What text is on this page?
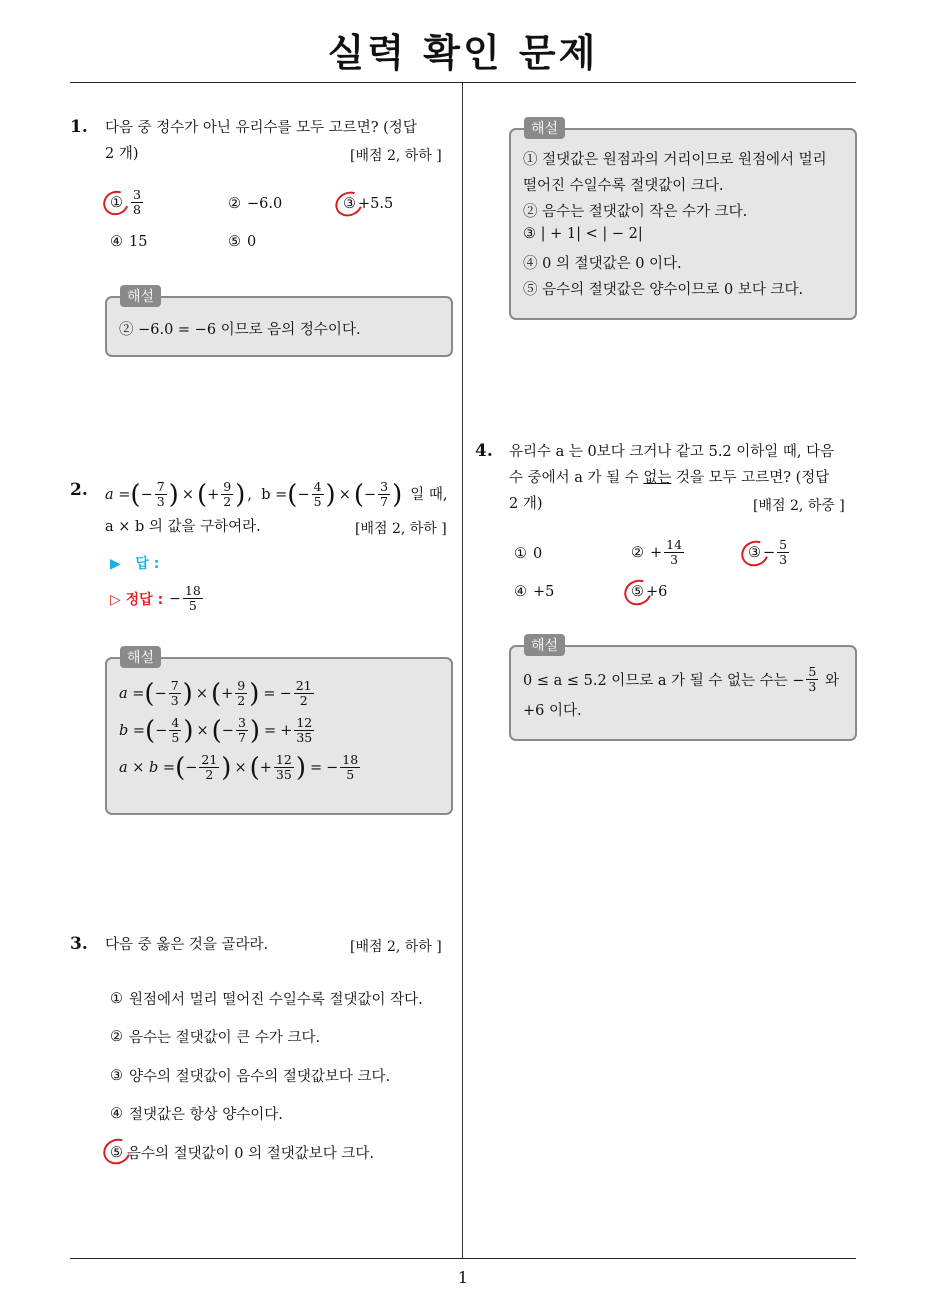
실력 확인 문제
1
1. 다음 중 정수가 아닌 유리수를 모두 고르면? (정답
2 개)	[배점 2, 하하 ]
① $\frac{3}{8}$	② −6.0	③ +5.5
④ 15	⑤ 0
해설
② −6.0 = −6 이므로 음의 정수이다.
2. a = ( − $\frac{7}{3}$ ) × ( + $\frac{9}{2}$ ) ,  b = ( − $\frac{4}{5}$ ) × ( − $\frac{3}{7}$ ) 일 때,
a × b 의 값을 구하여라.	[배점 2, 하하 ]
▶   답 :
▷ 정답 : − $\frac{18}{5}$
해설
a = ( − $\frac{7}{3}$ ) × ( + $\frac{9}{2}$ ) = − $\frac{21}{2}$
b = ( − $\frac{4}{5}$ ) × ( − $\frac{3}{7}$ ) = + $\frac{12}{35}$
a × b = ( − $\frac{21}{2}$ ) × ( + $\frac{12}{35}$ ) = − $\frac{18}{5}$
3. 다음 중 옳은 것을 골라라.	[배점 2, 하하 ]
① 원점에서 멀리 떨어진 수일수록 절댓값이 작다.
② 음수는 절댓값이 큰 수가 크다.
③ 양수의 절댓값이 음수의 절댓값보다 크다.
④ 절댓값은 항상 양수이다.
⑤ 음수의 절댓값이 0 의 절댓값보다 크다.
해설
① 절댓값은 원점과의 거리이므로 원점에서 멀리
떨어진 수일수록 절댓값이 크다.
② 음수는 절댓값이 작은 수가 크다.
③ | + 1| < | − 2|
④ 0 의 절댓값은 0 이다.
⑤ 음수의 절댓값은 양수이므로 0 보다 크다.
4. 유리수 a 는 0보다 크거나 같고 5.2 이하일 때, 다음
수 중에서 a 가 될 수 없는 것을 모두 고르면? (정답
2 개)	[배점 2, 하중 ]
① 0	② + $\frac{14}{3}$	③ − $\frac{5}{3}$
④ +5	⑤ +6
해설
0 ≤ a ≤ 5.2 이므로 a 가 될 수 없는 수는 − $\frac{5}{3}$ 와
+6 이다.
